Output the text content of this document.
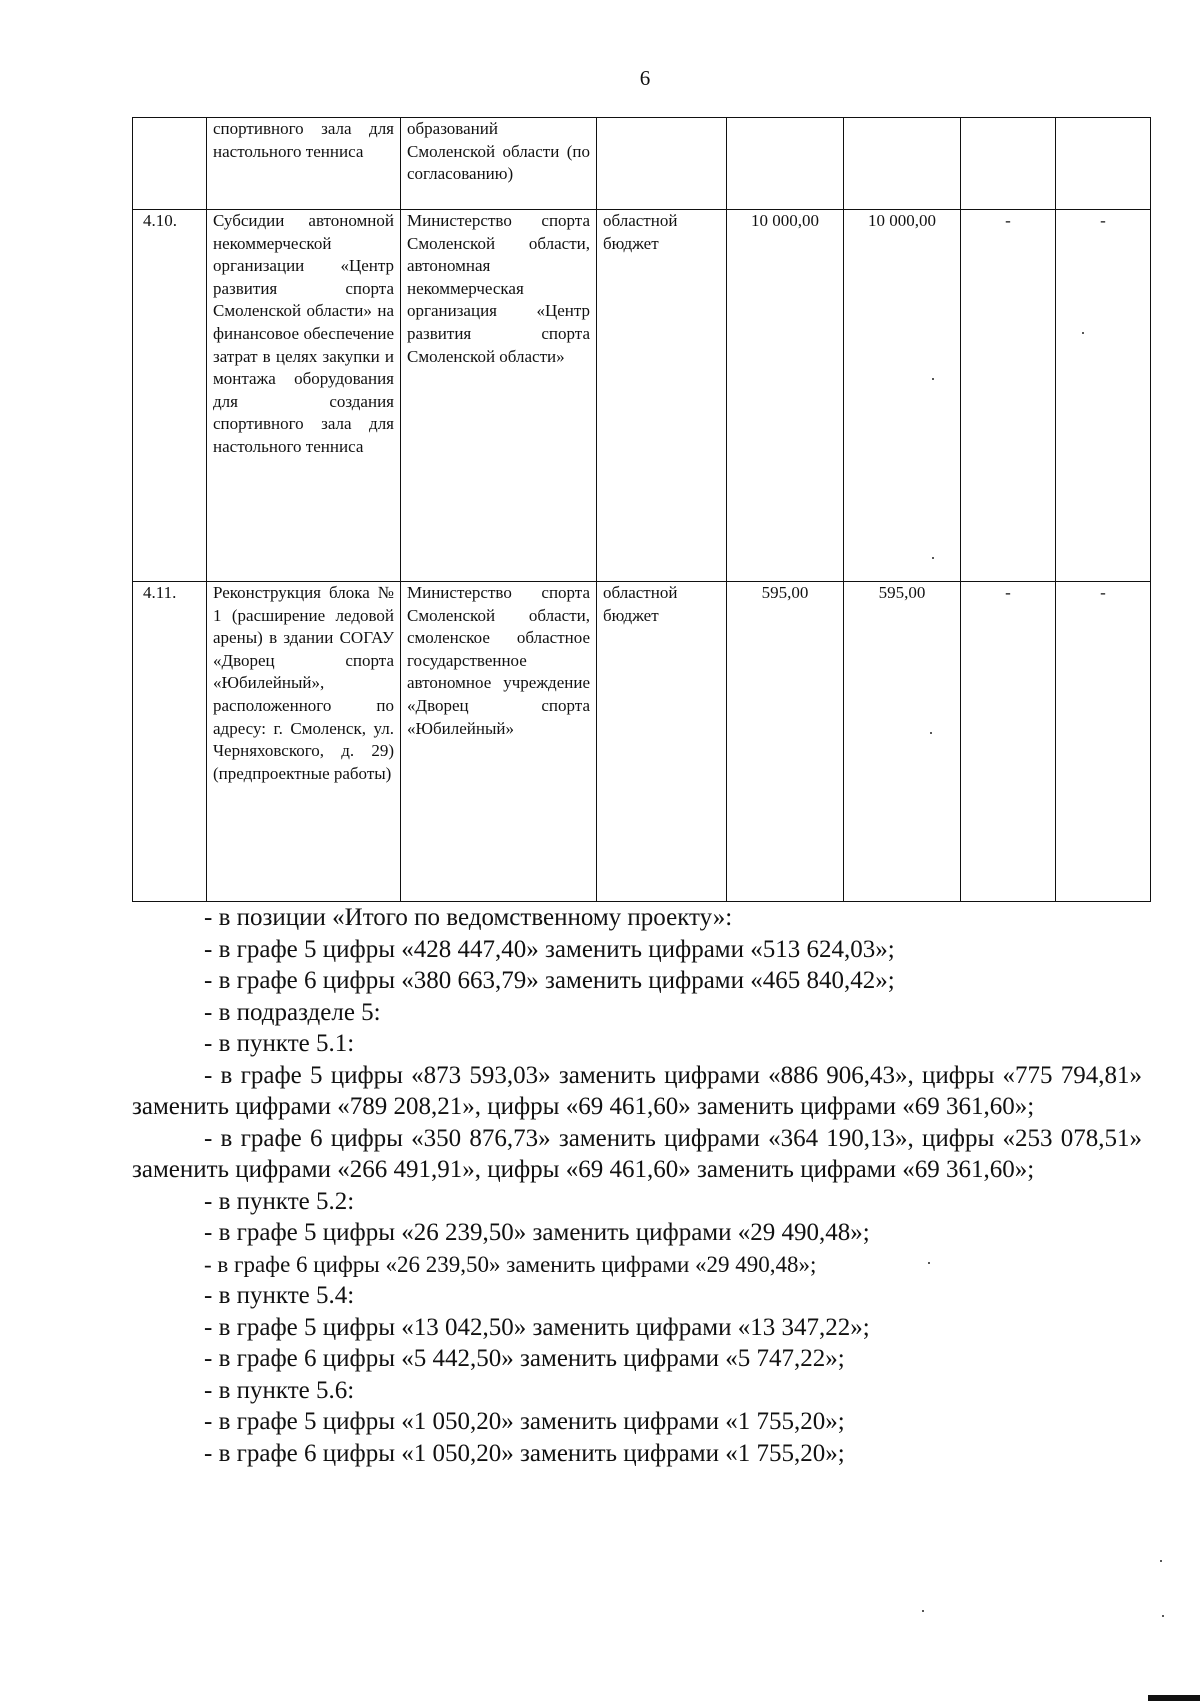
6
	спортивного зала для настольного тенниса	образований Смоленской области (по согласованию)					
4.10.	Субсидии автономной некоммерческой организации «Центр развития спорта Смоленской области» на финансовое обеспечение затрат в целях закупки и монтажа оборудования для создания спортивного зала для настольного тенниса	Министерство спорта Смоленской области, автономная некоммерческая организация «Центр развития спорта Смоленской области»	областной бюджет	10 000,00	10 000,00	-	-
4.11.	Реконструкция блока № 1 (расширение ледовой арены) в здании СОГАУ «Дворец спорта «Юбилейный», расположенного по адресу: г. Смоленск, ул. Черняховского, д. 29) (предпроектные работы)	Министерство спорта Смоленской области, смоленское областное государственное автономное учреждение «Дворец спорта «Юбилейный»	областной бюджет	595,00	595,00	-	-

- в позиции «Итого по ведомственному проекту»:

- в графе 5 цифры «428 447,40» заменить цифрами «513 624,03»;

- в графе 6 цифры «380 663,79» заменить цифрами «465 840,42»;

- в подразделе 5:

- в пункте 5.1:

- в графе 5 цифры «873 593,03» заменить цифрами «886 906,43», цифры «775 794,81» заменить цифрами «789 208,21», цифры «69 461,60» заменить цифрами «69 361,60»;

- в графе 6 цифры «350 876,73» заменить цифрами «364 190,13», цифры «253 078,51» заменить цифрами «266 491,91», цифры «69 461,60» заменить цифрами «69 361,60»;

- в пункте 5.2:

- в графе 5 цифры «26 239,50» заменить цифрами «29 490,48»;

- в графе 6 цифры «26 239,50» заменить цифрами «29 490,48»;

- в пункте 5.4:

- в графе 5 цифры «13 042,50» заменить цифрами «13 347,22»;

- в графе 6 цифры «5 442,50» заменить цифрами «5 747,22»;

- в пункте 5.6:

- в графе 5 цифры «1 050,20» заменить цифрами «1 755,20»;

- в графе 6 цифры «1 050,20» заменить цифрами «1 755,20»;
